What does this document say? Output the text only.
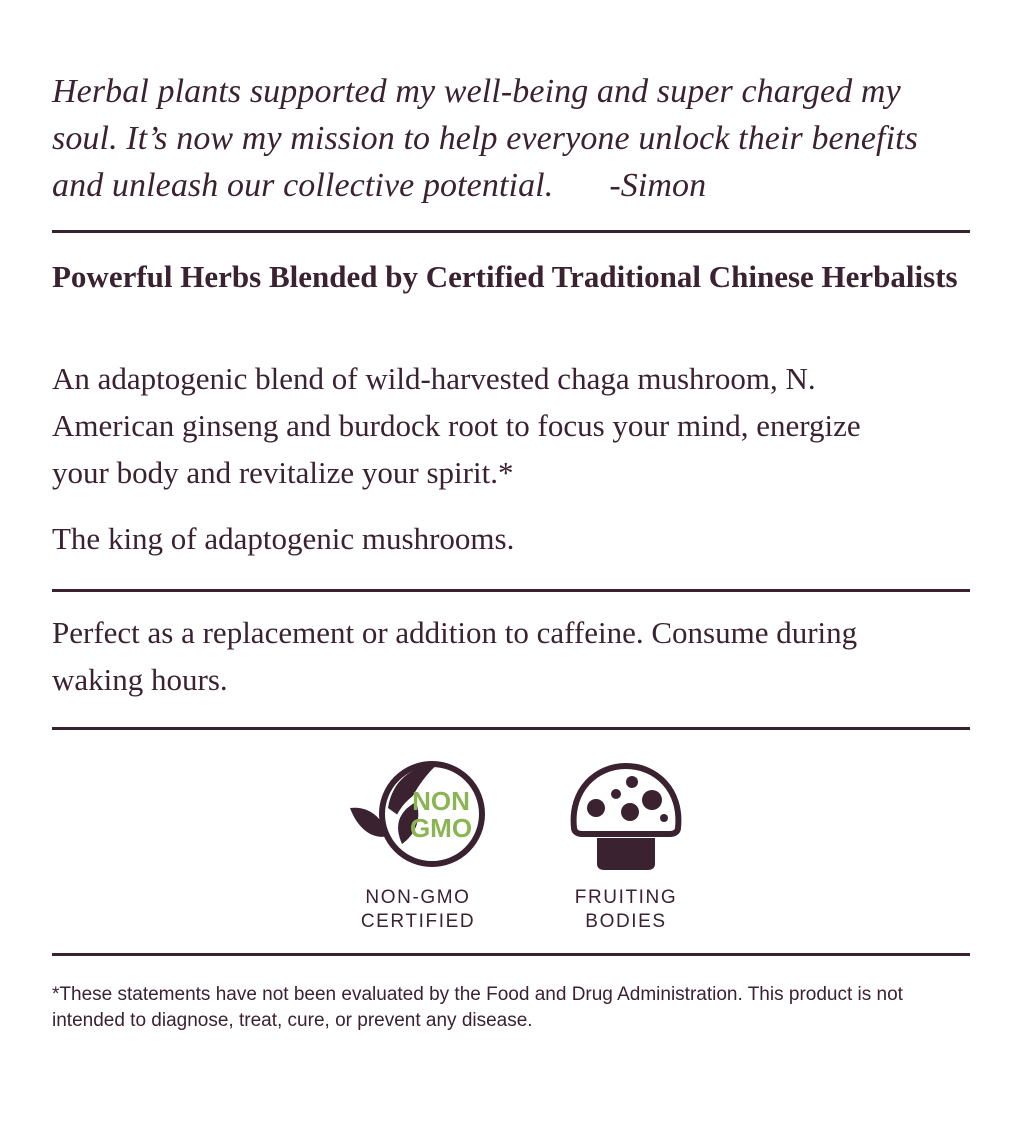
Herbal plants supported my well-being and super charged my soul. It’s now my mission to help everyone unlock their benefits and unleash our collective potential. -Simon

Powerful Herbs Blended by Certified Traditional Chinese Herbalists

An adaptogenic blend of wild-harvested chaga mushroom, N. American ginseng and burdock root to focus your mind, energize your body and revitalize your spirit.*

The king of adaptogenic mushrooms.

Perfect as a replacement or addition to caffeine. Consume during waking hours.

NON
GMO
NON-GMO
CERTIFIED
FRUITING
BODIES

*These statements have not been evaluated by the Food and Drug Administration. This product is not intended to diagnose, treat, cure, or prevent any disease.
